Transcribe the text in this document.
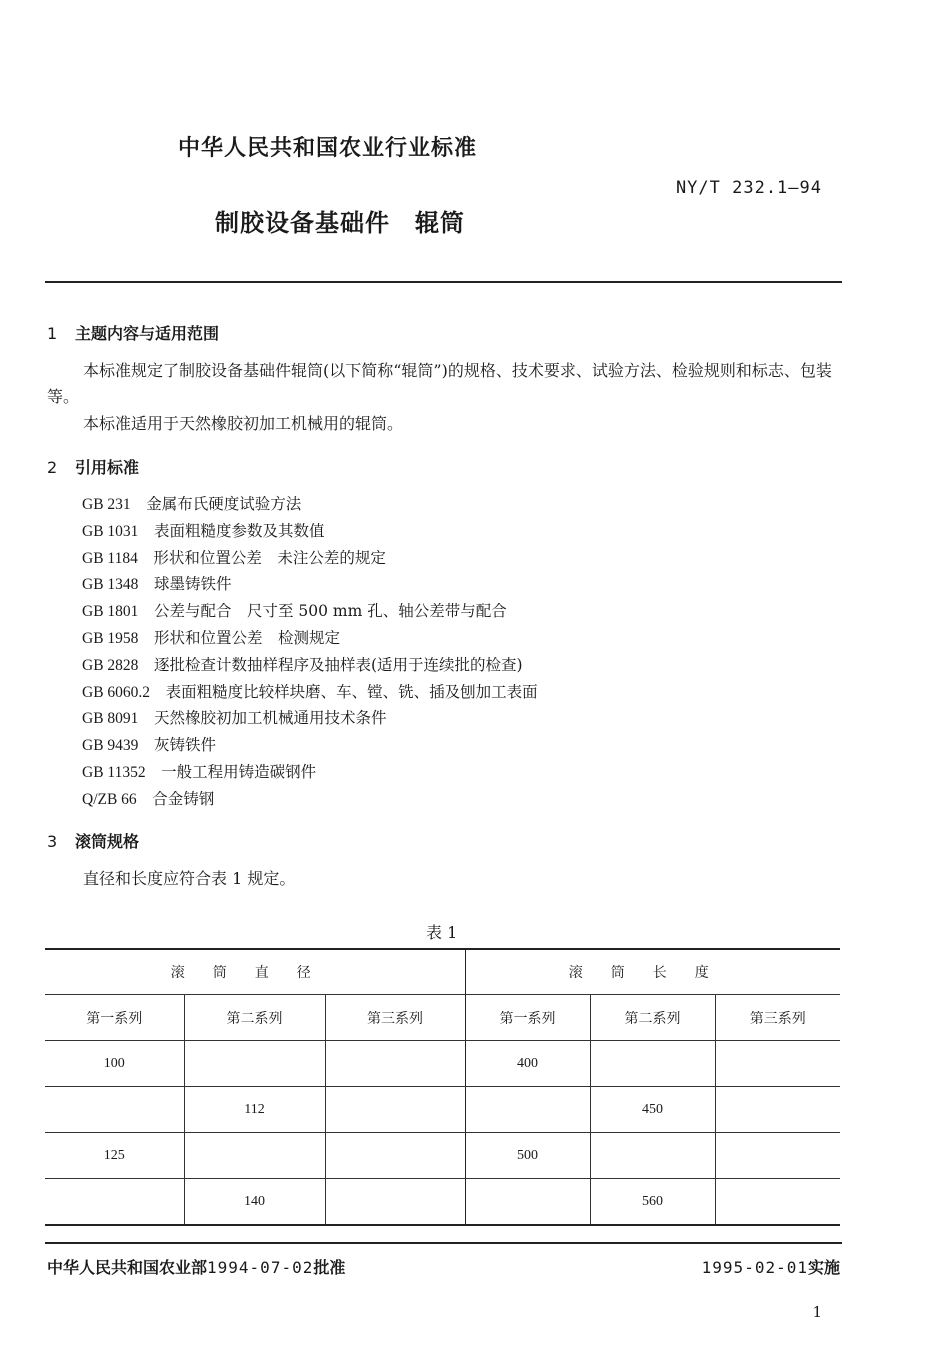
中华人民共和国农业行业标准
NY/T 232.1—94
制胶设备基础件　辊筒
1 主题内容与适用范围
本标准规定了制胶设备基础件辊筒(以下简称“辊筒”)的规格、技术要求、试验方法、检验规则和标志、包装等。
本标准适用于天然橡胶初加工机械用的辊筒。
2 引用标准
GB 231　 金属布氏硬度试验方法
GB 1031　 表面粗糙度参数及其数值
GB 1184　 形状和位置公差　未注公差的规定
GB 1348　 球墨铸铁件
GB 1801　 公差与配合　尺寸至 500 mm 孔、轴公差带与配合
GB 1958　 形状和位置公差　检测规定
GB 2828　 逐批检查计数抽样程序及抽样表(适用于连续批的检查)
GB 6060.2　 表面粗糙度比较样块磨、车、镗、铣、插及刨加工表面
GB 8091　 天然橡胶初加工机械通用技术条件
GB 9439　 灰铸铁件
GB 11352　 一般工程用铸造碳钢件
Q/ZB 66　 合金铸钢
3 滚筒规格
直径和长度应符合表 1 规定。
表 1
滚筒直径			滚筒长度		
第一系列	第二系列	第三系列	第一系列	第二系列	第三系列
100			400		
	112			450	
125			500		
	140			560	
中华人民共和国农业部1994-07-02批准	1995-02-01实施
1
